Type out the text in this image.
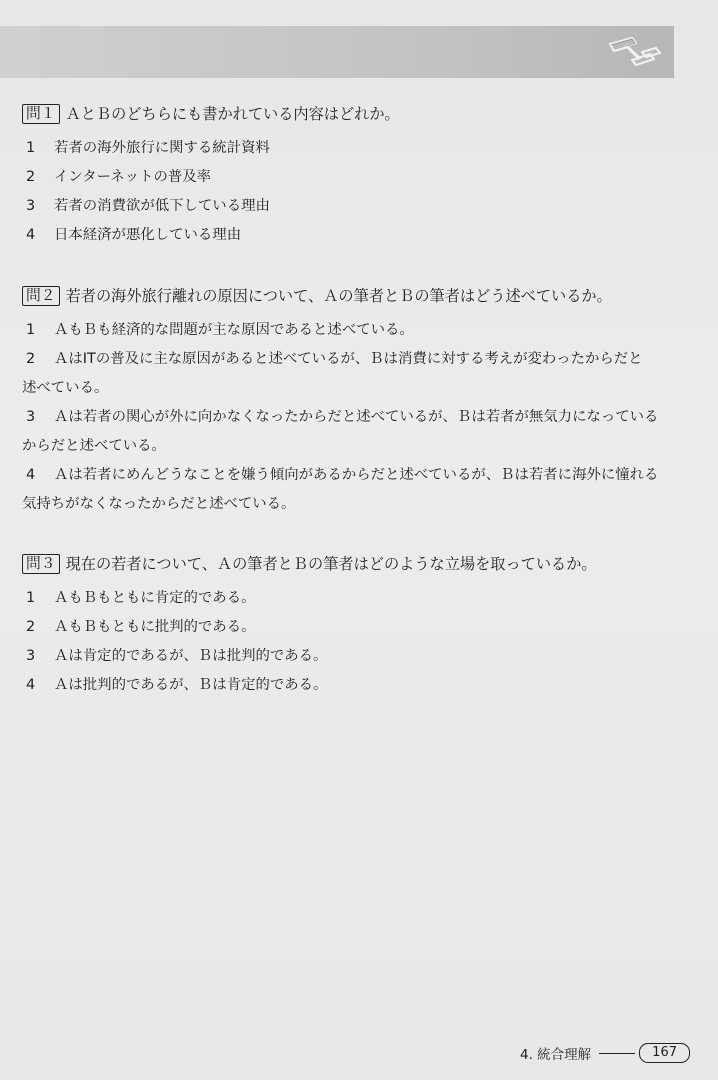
問１ ＡとＢのどちらにも書かれている内容はどれか。
1	若者の海外旅行に関する統計資料
2	インターネットの普及率
3	若者の消費欲が低下している理由
4	日本経済が悪化している理由
問２ 若者の海外旅行離れの原因について、Ａの筆者とＢの筆者はどう述べているか。
1	ＡもＢも経済的な問題が主な原因であると述べている。
2	ＡはITの普及に主な原因があると述べているが、Ｂは消費に対する考えが変わったからだと
述べている。
3	Ａは若者の関心が外に向かなくなったからだと述べているが、Ｂは若者が無気力になっている
からだと述べている。
4	Ａは若者にめんどうなことを嫌う傾向があるからだと述べているが、Ｂは若者に海外に憧れる
気持ちがなくなったからだと述べている。
問３ 現在の若者について、Ａの筆者とＢの筆者はどのような立場を取っているか。
1	ＡもＢもともに肯定的である。
2	ＡもＢもともに批判的である。
3	Ａは肯定的であるが、Ｂは批判的である。
4	Ａは批判的であるが、Ｂは肯定的である。
4. 統合理解	167
